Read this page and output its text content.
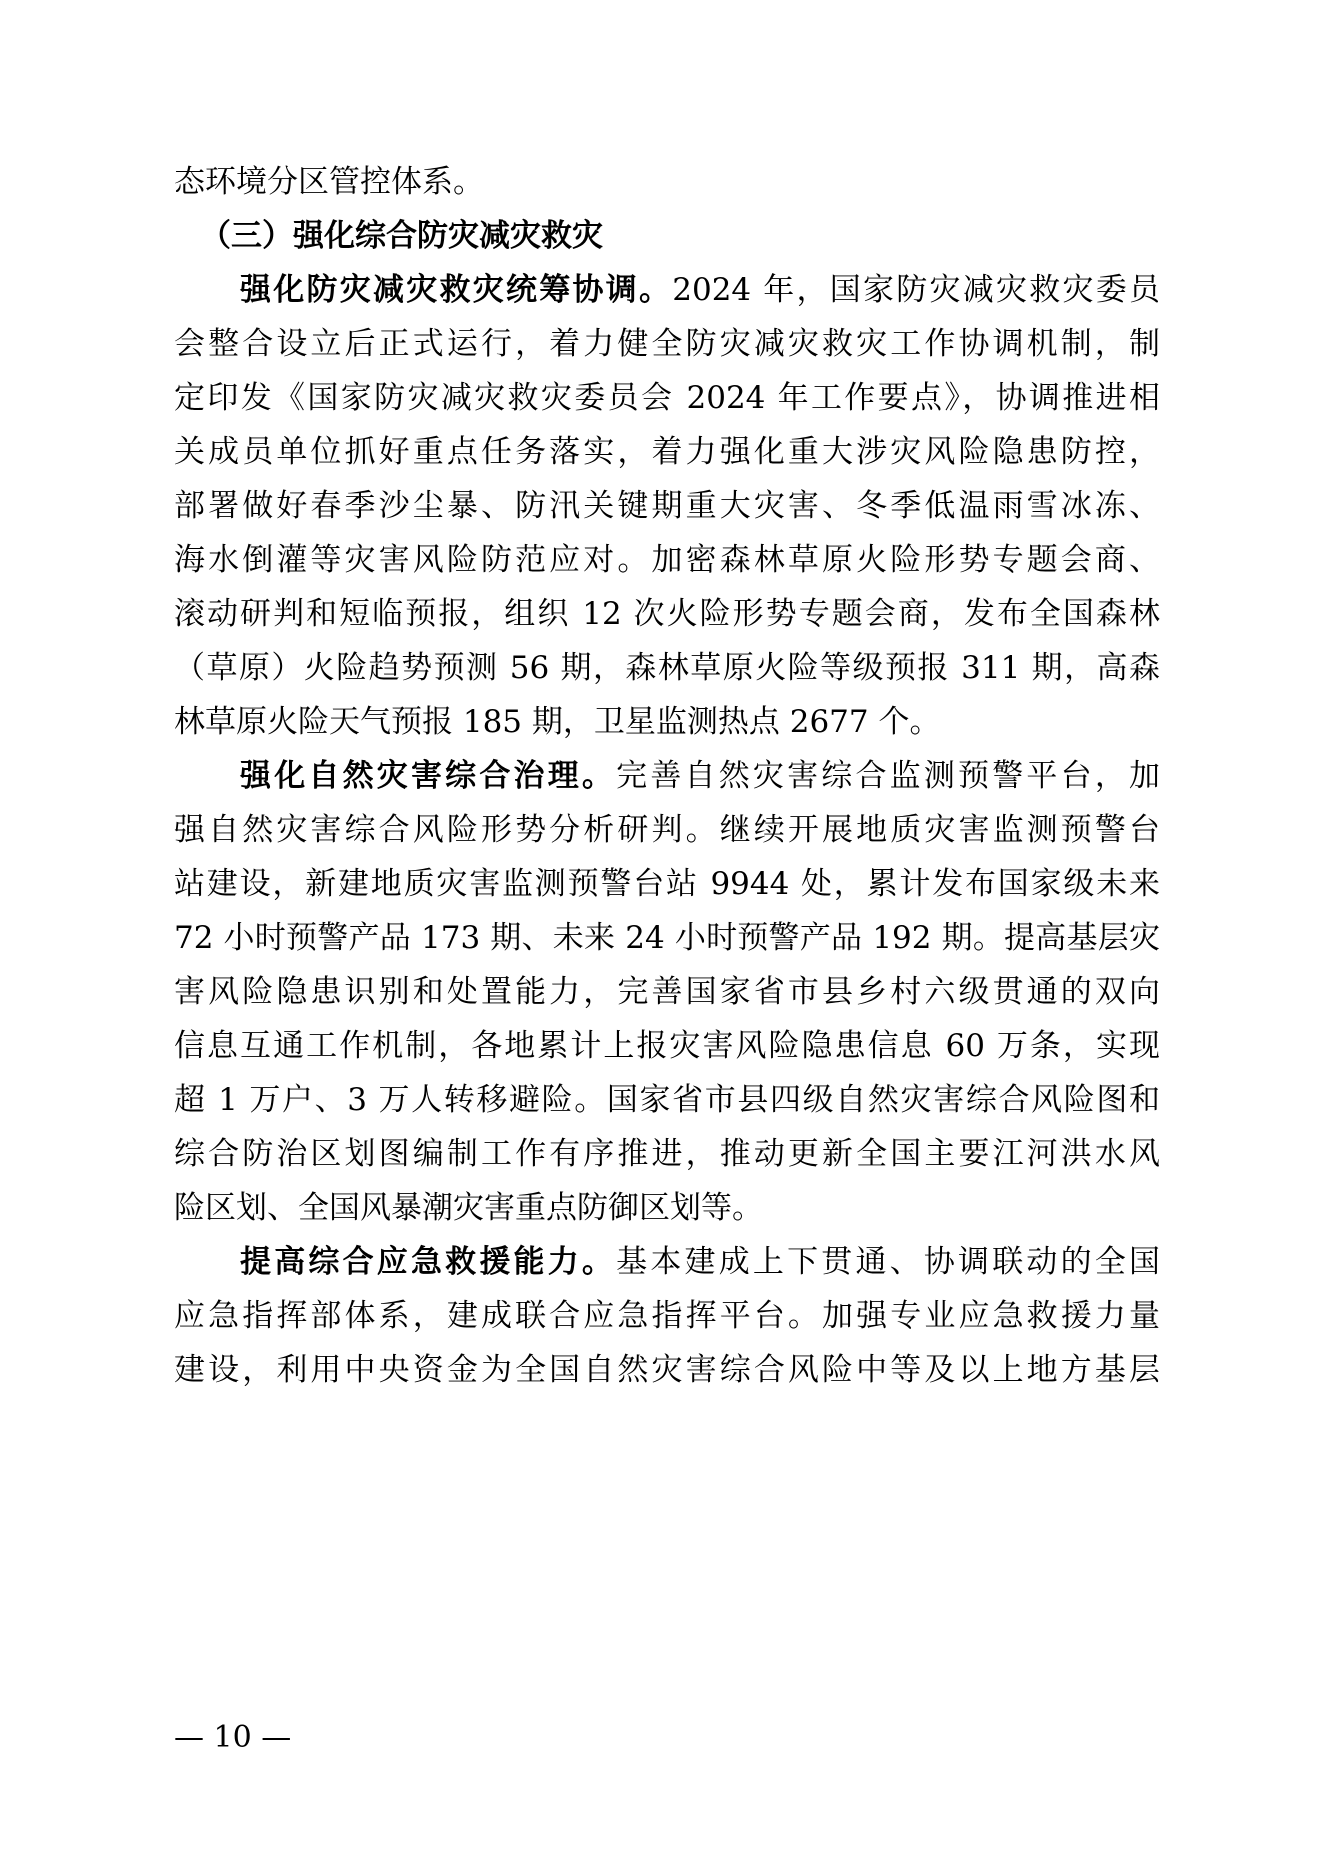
态环境分区管控体系。
（三）强化综合防灾减灾救灾
强化防灾减灾救灾统筹协调。2024 年，国家防灾减灾救灾委员
会整合设立后正式运行，着力健全防灾减灾救灾工作协调机制，制
定印发《国家防灾减灾救灾委员会 2024 年工作要点》，协调推进相
关成员单位抓好重点任务落实，着力强化重大涉灾风险隐患防控，
部署做好春季沙尘暴、防汛关键期重大灾害、冬季低温雨雪冰冻、
海水倒灌等灾害风险防范应对。加密森林草原火险形势专题会商、
滚动研判和短临预报，组织 12 次火险形势专题会商，发布全国森林
（草原）火险趋势预测 56 期，森林草原火险等级预报 311 期，高森
林草原火险天气预报 185 期，卫星监测热点 2677 个。
强化自然灾害综合治理。完善自然灾害综合监测预警平台，加
强自然灾害综合风险形势分析研判。继续开展地质灾害监测预警台
站建设，新建地质灾害监测预警台站 9944 处，累计发布国家级未来
72 小时预警产品 173 期、未来 24 小时预警产品 192 期。提高基层灾
害风险隐患识别和处置能力，完善国家省市县乡村六级贯通的双向
信息互通工作机制，各地累计上报灾害风险隐患信息 60 万条，实现
超 1 万户、3 万人转移避险。国家省市县四级自然灾害综合风险图和
综合防治区划图编制工作有序推进，推动更新全国主要江河洪水风
险区划、全国风暴潮灾害重点防御区划等。
提高综合应急救援能力。基本建成上下贯通、协调联动的全国
应急指挥部体系，建成联合应急指挥平台。加强专业应急救援力量
建设，利用中央资金为全国自然灾害综合风险中等及以上地方基层
— 10 —
